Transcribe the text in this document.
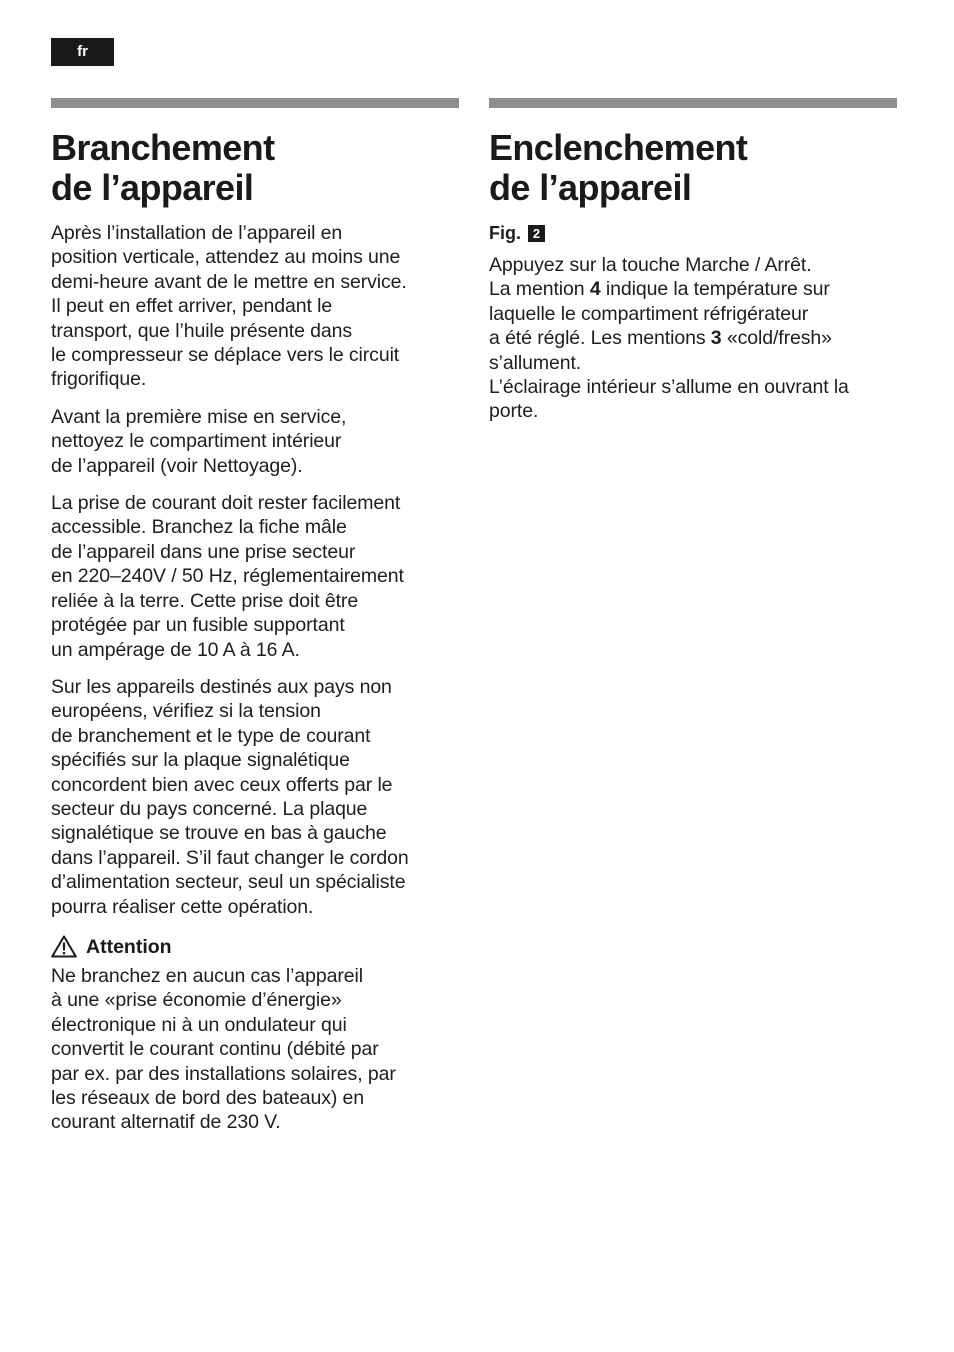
fr
Branchement
de l’appareil

Après l’installation de l’appareil en
position verticale, attendez au moins une
demi-heure avant de le mettre en service.
Il peut en effet arriver, pendant le
transport, que l’huile présente dans
le compresseur se déplace vers le circuit
frigorifique.

Avant la première mise en service,
nettoyez le compartiment intérieur
de l’appareil (voir Nettoyage).

La prise de courant doit rester facilement
accessible. Branchez la fiche mâle
de l’appareil dans une prise secteur
en 220–240V / 50 Hz, réglementairement
reliée à la terre. Cette prise doit être
protégée par un fusible supportant
un ampérage de 10 A à 16 A.

Sur les appareils destinés aux pays non
européens, vérifiez si la tension
de branchement et le type de courant
spécifiés sur la plaque signalétique
concordent bien avec ceux offerts par le
secteur du pays concerné. La plaque
signalétique se trouve en bas à gauche
dans l’appareil. S’il faut changer le cordon
d’alimentation secteur, seul un spécialiste
pourra réaliser cette opération.

Attention

Ne branchez en aucun cas l’appareil
à une «prise économie d’énergie»
électronique ni à un ondulateur qui
convertit le courant continu (débité par
par ex. par des installations solaires, par
les réseaux de bord des bateaux) en
courant alternatif de 230 V.

Enclenchement
de l’appareil
Fig. 2

Appuyez sur la touche Marche / Arrêt.
La mention 4 indique la température sur
laquelle le compartiment réfrigérateur
a été réglé. Les mentions 3 «cold/fresh»
s’allument.
L’éclairage intérieur s’allume en ouvrant la
porte.
